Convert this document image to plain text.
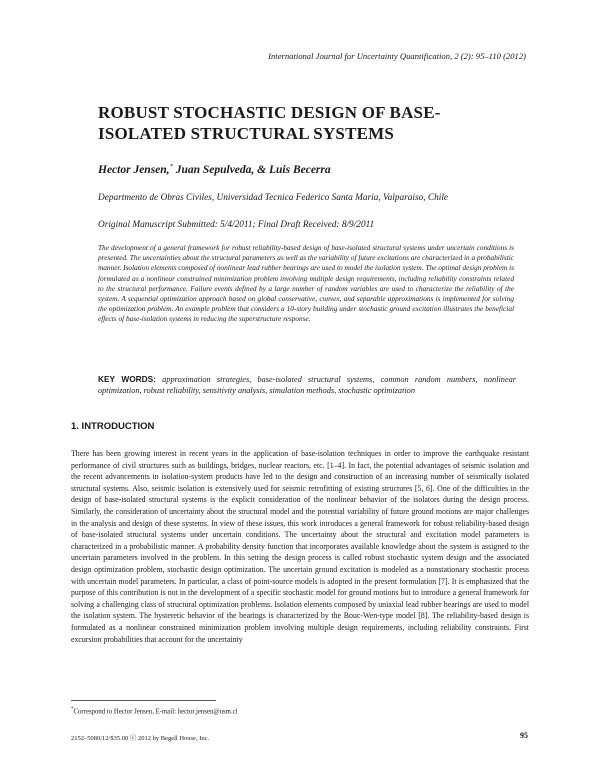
International Journal for Uncertainty Quantification, 2 (2): 95–110 (2012)
ROBUST STOCHASTIC DESIGN OF BASE-ISOLATED STRUCTURAL SYSTEMS
Hector Jensen,* Juan Sepulveda, & Luis Becerra
Departmento de Obras Civiles, Universidad Tecnica Federico Santa Maria, Valparaiso, Chile
Original Manuscript Submitted: 5/4/2011; Final Draft Received: 8/9/2011
The development of a general framework for robust reliability-based design of base-isolated structural systems under uncertain conditions is presented. The uncertainties about the structural parameters as well as the variability of future excitations are characterized in a probabilistic manner. Isolation elements composed of nonlinear lead rubber bearings are used to model the isolation system. The optimal design problem is formulated as a nonlinear constrained minimization problem involving multiple design requirements, including reliability constraints related to the structural performance. Failure events defined by a large number of random variables are used to characterize the reliability of the system. A sequential optimization approach based on global conservative, convex, and separable approximations is implemented for solving the optimization problem. An example problem that considers a 10-story building under stochastic ground excitation illustrates the beneficial effects of base-isolation systems in reducing the superstructure response.
KEY WORDS: approximation strategies, base-isolated structural systems, common random numbers, nonlinear optimization, robust reliability, sensitivity analysis, simulation methods, stochastic optimization
1. INTRODUCTION
There has been growing interest in recent years in the application of base-isolation techniques in order to improve the earthquake resistant performance of civil structures such as buildings, bridges, nuclear reactors, etc. [1–4]. In fact, the potential advantages of seismic isolation and the recent advancements in isolation-system products have led to the design and construction of an increasing number of seismically isolated structural systems. Also, seismic isolation is extensively used for seismic retrofitting of existing structures [5, 6]. One of the difficulties in the design of base-isolated structural systems is the explicit consideration of the nonlinear behavior of the isolators during the design process. Similarly, the consideration of uncertainty about the structural model and the potential variability of future ground motions are major challenges in the analysis and design of these systems. In view of these issues, this work introduces a general framework for robust reliability-based design of base-isolated structural systems under uncertain conditions. The uncertainty about the structural and excitation model parameters is characterized in a probabilistic manner. A probability density function that incorporates available knowledge about the system is assigned to the uncertain parameters involved in the problem. In this setting the design process is called robust stochastic system design and the associated design optimization problem, stochastic design optimization. The uncertain ground excitation is modeled as a nonstationary stochastic process with uncertain model parameters. In particular, a class of point-source models is adopted in the present formulation [7]. It is emphasized that the purpose of this contribution is not in the development of a specific stochastic model for ground motions but to introduce a general framework for solving a challenging class of structural optimization problems. Isolation elements composed by uniaxial lead rubber bearings are used to model the isolation system. The hysteretic behavior of the bearings is characterized by the Bouc-Wen-type model [8]. The reliability-based design is formulated as a nonlinear constrained minimization problem involving multiple design requirements, including reliability constraints. First excursion probabilities that account for the uncertainty
*Correspond to Hector Jensen, E-mail: hector.jensen@usm.cl
2152–5080/12/$35.00 ⓒ 2012 by Begell House, Inc.	95
